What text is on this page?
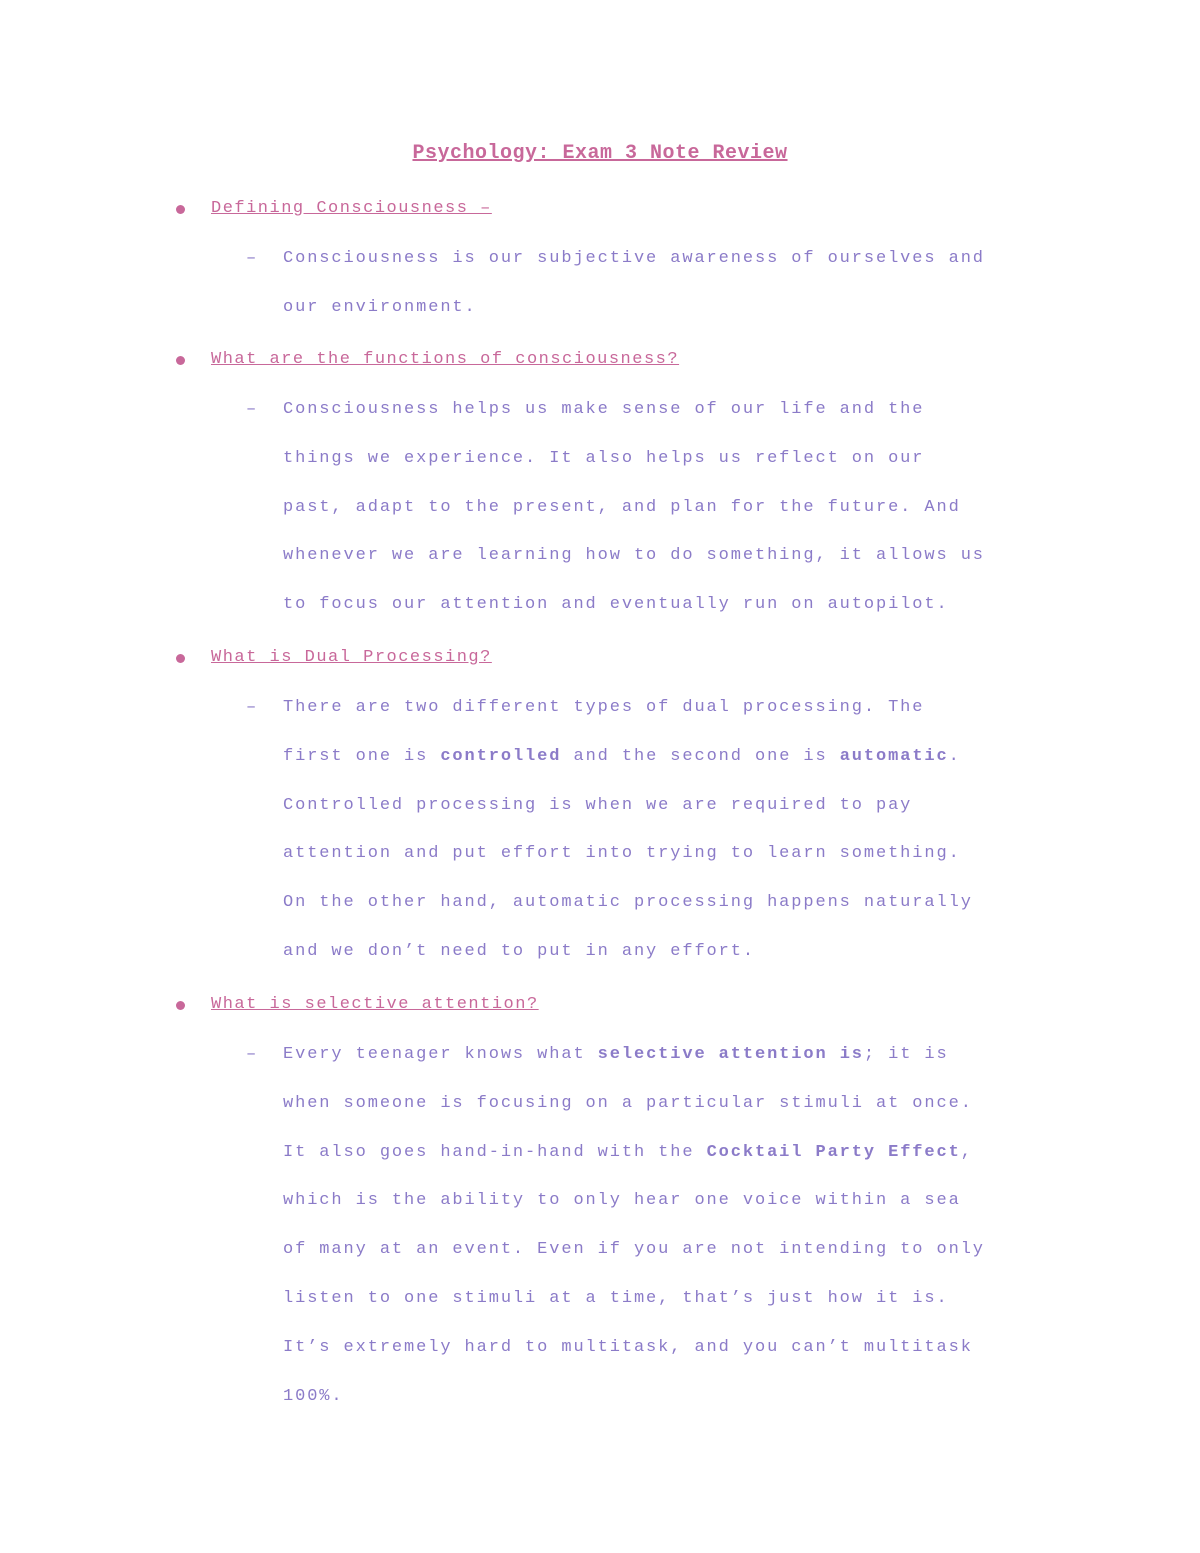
Psychology: Exam 3 Note Review
Defining Consciousness –
– Consciousness is our subjective awareness of ourselves and
our environment.

What are the functions of consciousness?
– Consciousness helps us make sense of our life and the
things we experience. It also helps us reflect on our
past, adapt to the present, and plan for the future. And
whenever we are learning how to do something, it allows us
to focus our attention and eventually run on autopilot.

What is Dual Processing?
– There are two different types of dual processing. The
first one is controlled and the second one is automatic.
Controlled processing is when we are required to pay
attention and put effort into trying to learn something.
On the other hand, automatic processing happens naturally
and we don’t need to put in any effort.

What is selective attention?
– Every teenager knows what selective attention is; it is
when someone is focusing on a particular stimuli at once.
It also goes hand-in-hand with the Cocktail Party Effect,
which is the ability to only hear one voice within a sea
of many at an event. Even if you are not intending to only
listen to one stimuli at a time, that’s just how it is.
It’s extremely hard to multitask, and you can’t multitask
100%.
